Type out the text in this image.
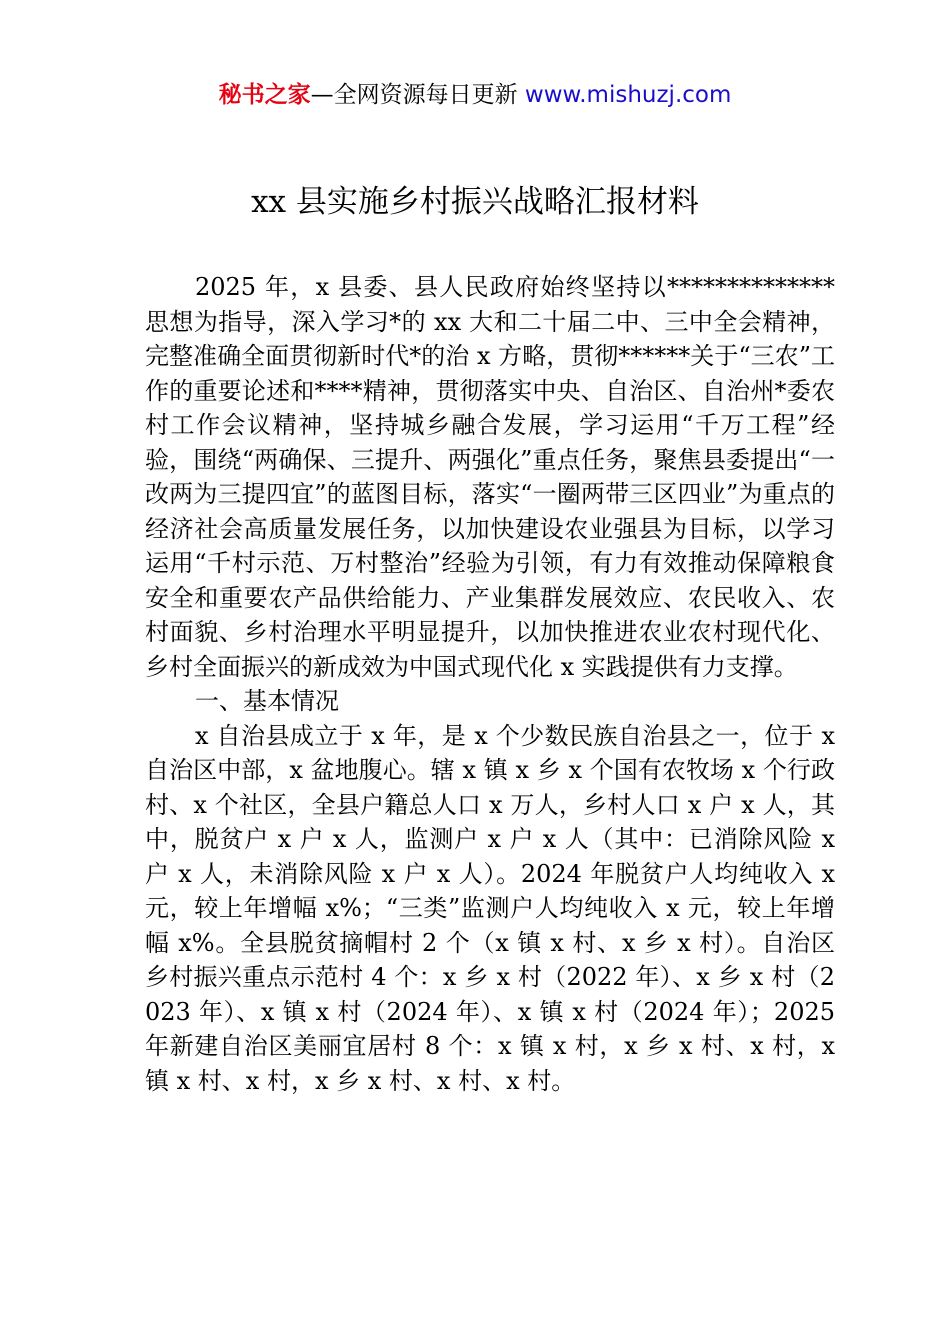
秘书之家—全网资源每日更新 www.mishuzj.com
xx 县实施乡村振兴战略汇报材料

2025 年，x 县委、县人民政府始终坚持以**************思想为指导，深入学习*的 xx 大和二十届二中、三中全会精神，完整准确全面贯彻新时代*的治 x 方略，贯彻******关于“三农”工作的重要论述和****精神，贯彻落实中央、自治区、自治州*委农村工作会议精神，坚持城乡融合发展，学习运用“千万工程”经验，围绕“两确保、三提升、两强化”重点任务，聚焦县委提出“一改两为三提四宜”的蓝图目标，落实“一圈两带三区四业”为重点的经济社会高质量发展任务，以加快建设农业强县为目标，以学习运用“千村示范、万村整治”经验为引领，有力有效推动保障粮食安全和重要农产品供给能力、产业集群发展效应、农民收入、农村面貌、乡村治理水平明显提升，以加快推进农业农村现代化、乡村全面振兴的新成效为中国式现代化 x 实践提供有力支撑。

一、基本情况

x 自治县成立于 x 年，是 x 个少数民族自治县之一，位于 x 自治区中部，x 盆地腹心。辖 x 镇 x 乡 x 个国有农牧场 x 个行政村、x 个社区，全县户籍总人口 x 万人，乡村人口 x 户 x 人，其中，脱贫户 x 户 x 人，监测户 x 户 x 人（其中：已消除风险 x 户 x 人，未消除风险 x 户 x 人）。2024 年脱贫户人均纯收入 x 元，较上年增幅 x%；“三类”监测户人均纯收入 x 元，较上年增幅 x%。全县脱贫摘帽村 2 个（x 镇 x 村、x 乡 x 村）。自治区乡村振兴重点示范村 4 个：x 乡 x 村（2022 年）、x 乡 x 村（2023 年）、x 镇 x 村（2024 年）、x 镇 x 村（2024 年）；2025 年新建自治区美丽宜居村 8 个：x 镇 x 村，x 乡 x 村、x 村，x 镇 x 村、x 村，x 乡 x 村、x 村、x 村。
